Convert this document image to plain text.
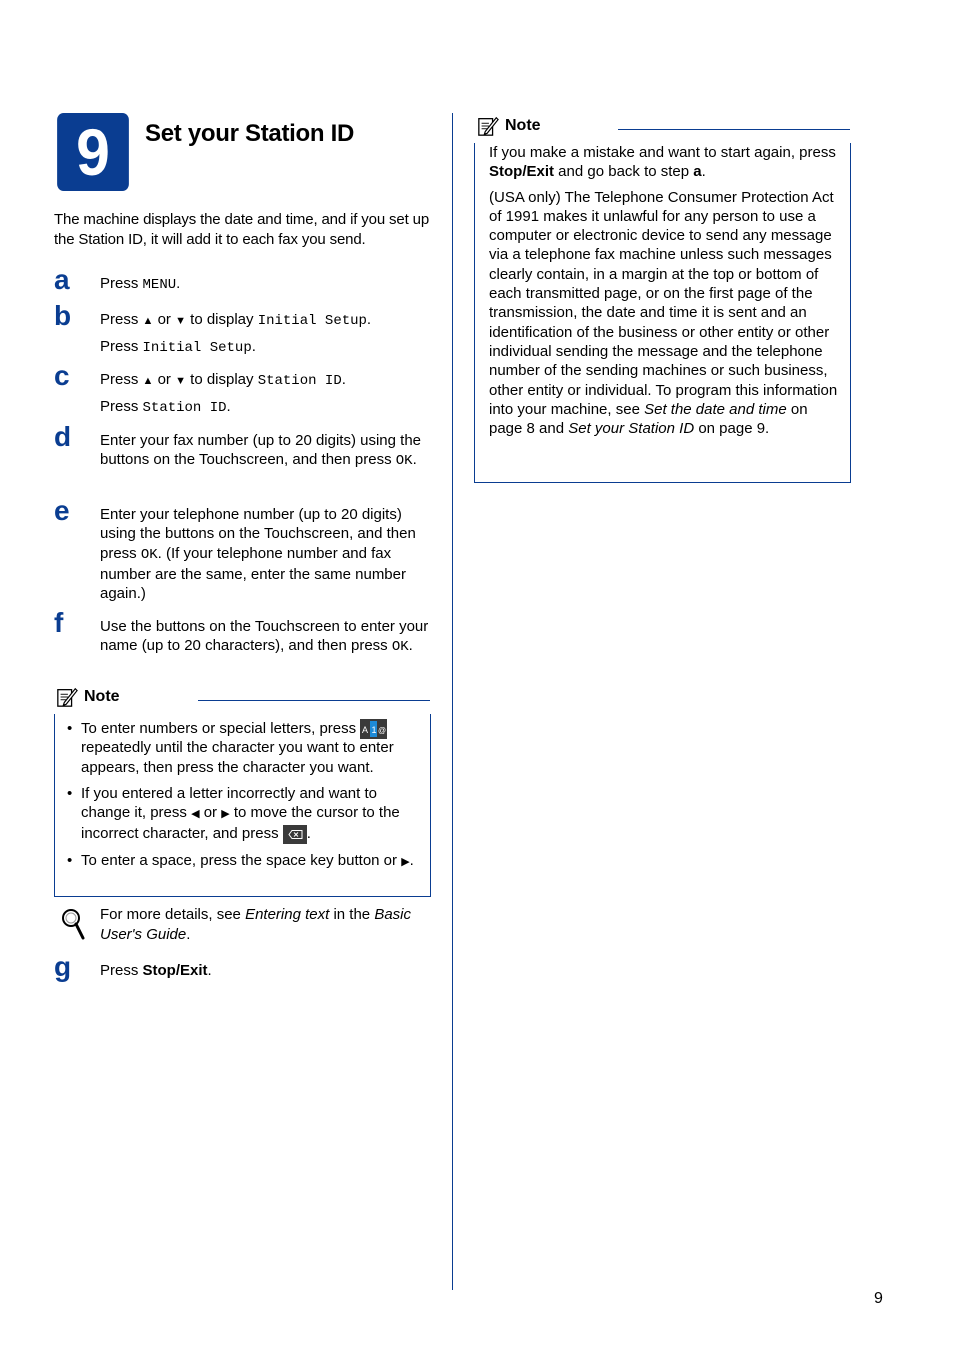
9	Set your Station ID
The machine displays the date and time, and if you set up the Station ID, it will add it to each fax you send.
a Press MENU.

b Press ▲ or ▼ to display Initial Setup.

Press Initial Setup.

c Press ▲ or ▼ to display Station ID.

Press Station ID.

d Enter your fax number (up to 20 digits) using the buttons on the Touchscreen, and then press OK.

e Enter your telephone number (up to 20 digits) using the buttons on the Touchscreen, and then press OK. (If your telephone number and fax number are the same, enter the same number again.)

f Use the buttons on the Touchscreen to enter your name (up to 20 characters), and then press OK.

Note
• To enter numbers or special letters, press A 1 @
repeatedly until the character you want to enter appears, then press the character you want.
• If you entered a letter incorrectly and want to change it, press ◀ or ▶ to move the cursor to the incorrect character, and press
.
• To enter a space, press the space key button or ▶.
For more details, see Entering text in the Basic User's Guide.
g Press Stop/Exit.

Note

If you make a mistake and want to start again, press Stop/Exit and go back to step a.

(USA only) The Telephone Consumer Protection Act of 1991 makes it unlawful for any person to use a computer or electronic device to send any message via a telephone fax machine unless such messages clearly contain, in a margin at the top or bottom of each transmitted page, or on the first page of the transmission, the date and time it is sent and an identification of the business or other entity or other individual sending the message and the telephone number of the sending machines or such business, other entity or individual. To program this information into your machine, see Set the date and time on page 8 and Set your Station ID on page 9.

9
